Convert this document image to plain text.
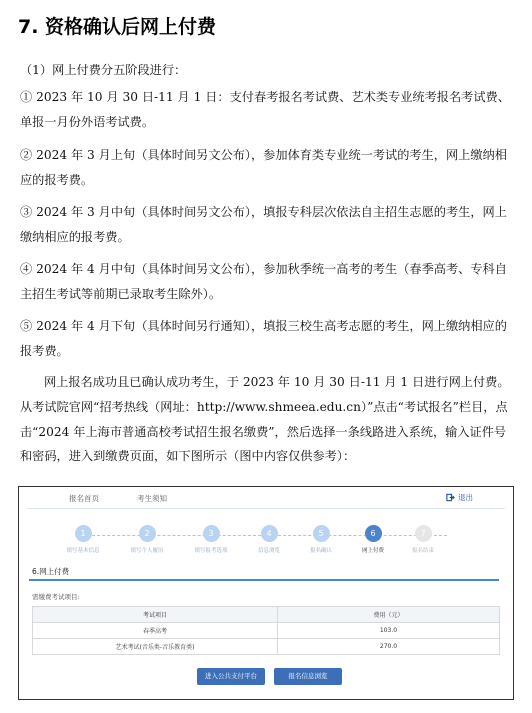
7. 资格确认后网上付费
（1）网上付费分五阶段进行：
① 2023 年 10 月 30 日-11 月 1 日：支付春考报名考试费、艺术类专业统考报名考试费、单报一月份外语考试费。
② 2024 年 3 月上旬（具体时间另文公布），参加体育类专业统一考试的考生，网上缴纳相应的报考费。
③ 2024 年 3 月中旬（具体时间另文公布），填报专科层次依法自主招生志愿的考生，网上缴纳相应的报考费。
④ 2024 年 4 月中旬（具体时间另文公布），参加秋季统一高考的考生（春季高考、专科自主招生考试等前期已录取考生除外）。
⑤ 2024 年 4 月下旬（具体时间另行通知），填报三校生高考志愿的考生，网上缴纳相应的报考费。
网上报名成功且已确认成功考生，于 2023 年 10 月 30 日-11 月 1 日进行网上付费。从考试院官网“招考热线（网址：http://www.shmeea.edu.cn）”点击“考试报名”栏目，点击“2024 年上海市普通高校考试招生报名缴费”，然后选择一条线路进入系统，输入证件号和密码，进入到缴费页面，如下图所示（图中内容仅供参考）：
报名首页	考生须知	退出
1
填写基本信息
2
填写个人履历
3
填写报考选项
4
信息浏览
5
报名确认
6
网上付费
7
报名结束
6.网上付费
需缴费考试项目:
考试项目	费用（元）
春季高考	103.0
艺术考试(音乐类-音乐教育类)	270.0
进入公共支付平台	报名信息浏览
